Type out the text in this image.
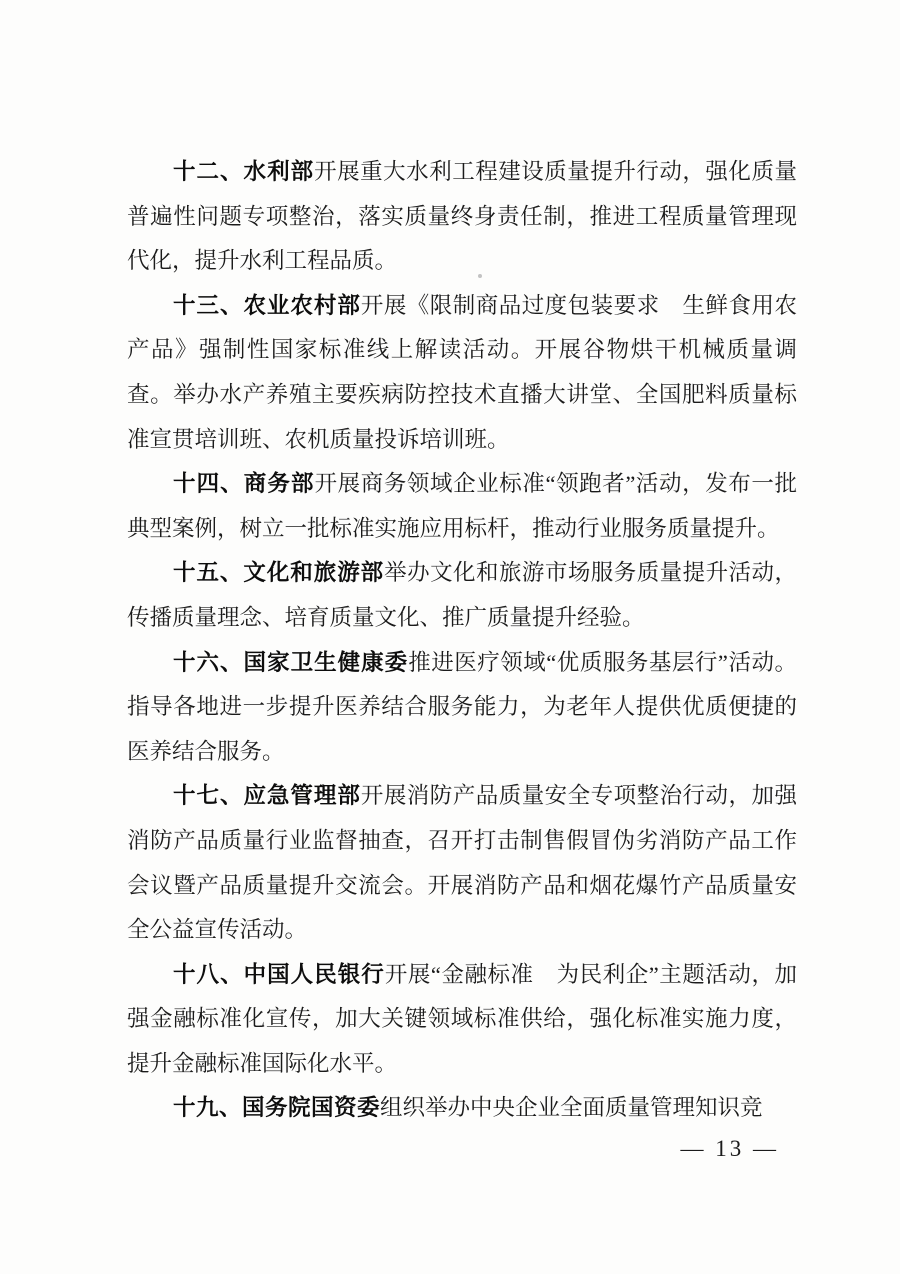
十二、水利部开展重大水利工程建设质量提升行动，强化质量普遍性问题专项整治，落实质量终身责任制，推进工程质量管理现代化，提升水利工程品质。

十三、农业农村部开展《限制商品过度包装要求　生鲜食用农产品》强制性国家标准线上解读活动。开展谷物烘干机械质量调查。举办水产养殖主要疾病防控技术直播大讲堂、全国肥料质量标准宣贯培训班、农机质量投诉培训班。

十四、商务部开展商务领域企业标准“领跑者”活动，发布一批典型案例，树立一批标准实施应用标杆，推动行业服务质量提升。

十五、文化和旅游部举办文化和旅游市场服务质量提升活动，传播质量理念、培育质量文化、推广质量提升经验。

十六、国家卫生健康委推进医疗领域“优质服务基层行”活动。指导各地进一步提升医养结合服务能力，为老年人提供优质便捷的医养结合服务。

十七、应急管理部开展消防产品质量安全专项整治行动，加强消防产品质量行业监督抽查，召开打击制售假冒伪劣消防产品工作会议暨产品质量提升交流会。开展消防产品和烟花爆竹产品质量安全公益宣传活动。

十八、中国人民银行开展“金融标准　为民利企”主题活动，加强金融标准化宣传，加大关键领域标准供给，强化标准实施力度，提升金融标准国际化水平。

十九、国务院国资委组织举办中央企业全面质量管理知识竞

— 13 —
